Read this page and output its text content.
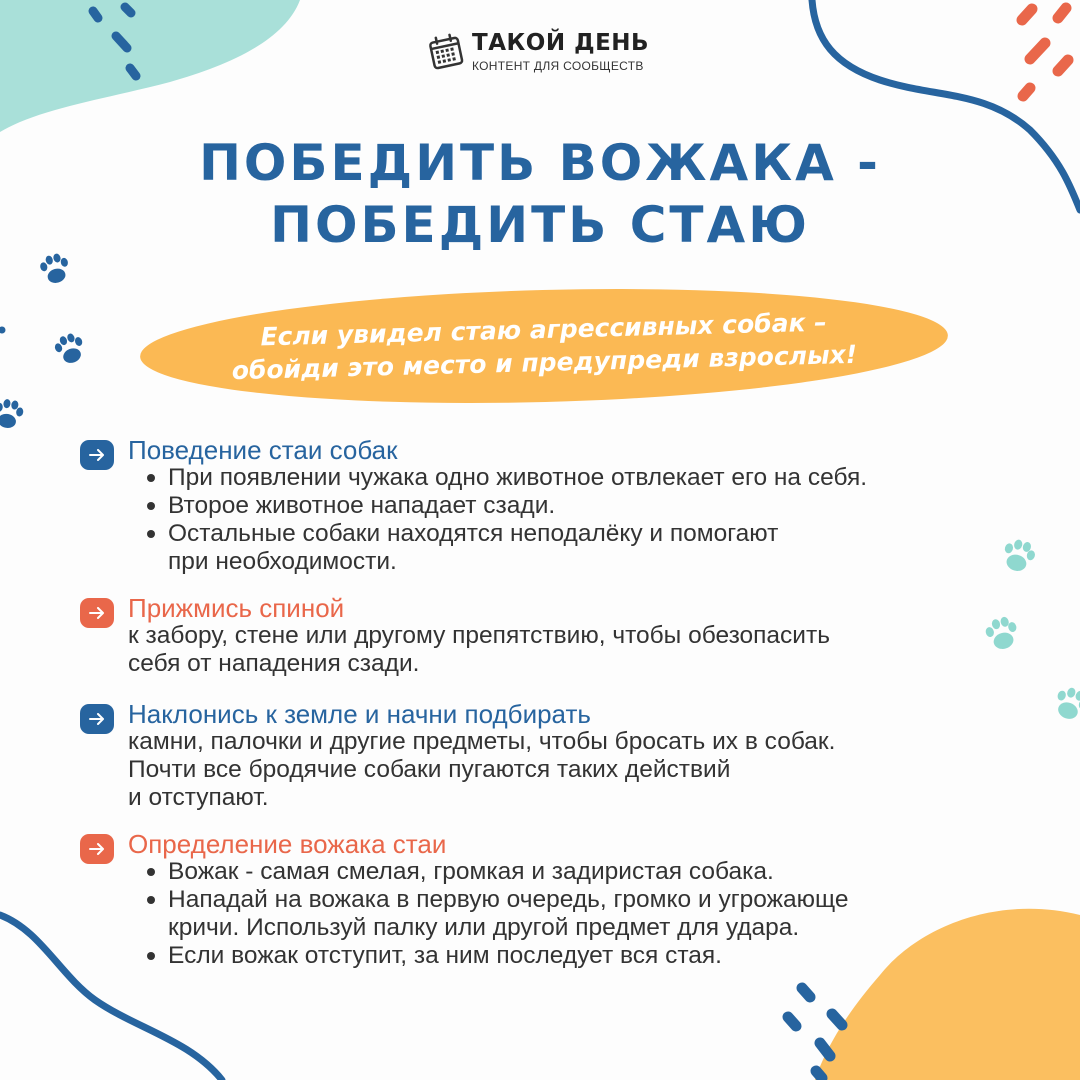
ТАКОЙ ДЕНЬ
КОНТЕНТ ДЛЯ СООБЩЕСТВ
ПОБЕДИТЬ ВОЖАКА -
ПОБЕДИТЬ СТАЮ
Если увидел стаю агрессивных собак –
обойди это место и предупреди взрослых!
Поведение стаи собак
При появлении чужака одно животное отвлекает его на себя.
Второе животное нападает сзади.
Остальные собаки находятся неподалёку и помогают
при необходимости.
Прижмись спиной
к забору, стене или другому препятствию, чтобы обезопасить
себя от нападения сзади.
Наклонись к земле и начни подбирать
камни, палочки и другие предметы, чтобы бросать их в собак.
Почти все бродячие собаки пугаются таких действий
и отступают.
Определение вожака стаи
Вожак - самая смелая, громкая и задиристая собака.
Нападай на вожака в первую очередь, громко и угрожающе
кричи. Используй палку или другой предмет для удара.
Если вожак отступит, за ним последует вся стая.
